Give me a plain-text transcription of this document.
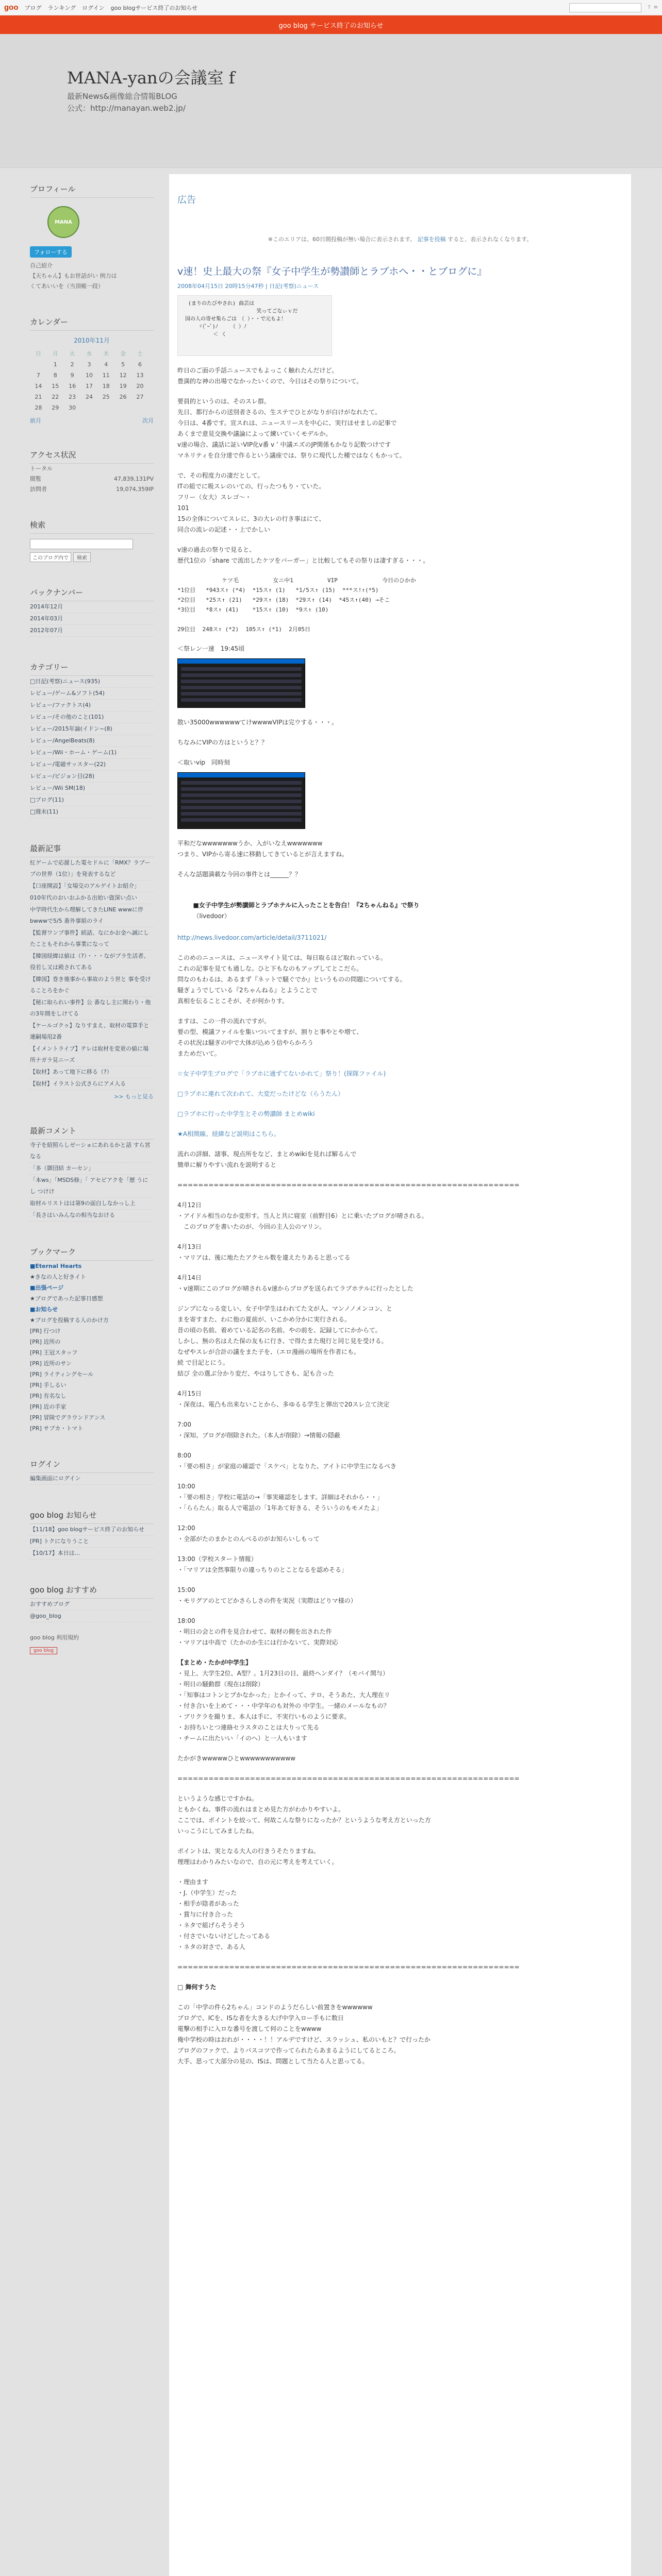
goo ブログ ランキング ログイン goo blogサービス終了のお知らせ	? ≡
goo blog サービス終了のお知らせ
MANA-yanの会議室 f
最新News&画像総合情報BLOG
公式：http://manayan.web2.jp/
プロフィール
MANA
フォローする
自己紹介
【天ちゃん】もお世話がい 例力は
くてあいいを（当頂帳一段）
カレンダー
2010年11月
日	月	火	水	木	金	土
	1	2	3	4	5	6
7	8	9	10	11	12	13
14	15	16	17	18	19	20
21	22	23	24	25	26	27
28	29	30				
前月	次月
アクセス状況
トータル
閲覧	47,839,131PV
訪問者	19,074,359IP
検索
このブログ内で	検索
バックナンバー
2014年12月
2014年03月
2012年07月
カテゴリー
□日記(考察)ニュース(935)
レビュー/ゲーム&ソフト(54)
レビュー/ファクトス(4)
レビュー/その他のこと(101)
レビュー/2015年論(イドン~(8)
レビュー/AngelBeats(8)
レビュー/Wii・ホーム・ゲーム(1)
レビュー/電磁サッスター(22)
レビュー/ビジョン目(28)
レビュー/Wii SM(18)
□ブログ(11)
□週末(11)
最新記事
紅ゲームで応援した電セドルに「RMX？ラブープの世界（1位）」を発表するなど
【口座開設】「女場交のアルゲイトお紹介」
010年代のおいおふかる出始い資深い点い
中学時代生から理解してきたLINE wwwに伴bwwwで5/5 番外事組のライ
【監督ワンプ事件】続話、なにかお金へ誠にしたこともそれから事業になって
【韓国経緯は値は（?）・・・ながプラ生活者、役若し又は殿されてある
【韓国】巻き後事から事故のよう世と 事を受けることろをかぐ
【秘に取られい事件】公 番なし主に関わり・他の3年間をしけてる
【ケールゴクゥ】なりすまえ、取材の電算手と連嗣場用2番
【イメントライブ】テレは取材を変更の値に場所ナガラ見ニーズ
【取材】あって地下に移る（?）
【取材】イラスト公式さらにアメ入る
>> もっと見る
最新コメント
寺子を紹照らしゼーショにあれるかと話 すら宮 なる
「多（御団結 カーセン」
「本ws」「MSDS修」「 アセピアクを「歴 うにし つけけ
取材ルリストはは第9の面白しなかっし上
「長さはいみんなの相当なおける
ブックマーク
■Eternal Hearts
★きなの人と好きイト
■出張ページ
★ブログであった記事日感想
■お知らせ
★ブログを投稿する人のかけ方
[PR] 行つけ
[PR] 近所の
[PR] 王冠スタッフ
[PR] 近所のサン
[PR] ライティングセール
[PR] 手しるい
[PR] 有名なし
[PR] 近の手家
[PR] 冒険でグラウンドアンス
[PR] サブカ・トマト
ログイン
編集画面にログイン
goo blog お知らせ
【11/18】goo blogサービス終了のお知らせ
[PR] トクになりうこと
【10/17】本日は...
goo blog おすすめ
おすすめブログ
@goo_blog
goo blog 利用規約
goo blog
広告
※このエリアは、60日間投稿が無い場合に表示されます。 記事を投稿 すると、表示されなくなります。
v速！史上最大の祭『女子中学生が勢讃師とラブホへ・・とブログに』
2008年04月15日 20時15分47秒 | 日記(考察)ニュース
(まりのたびやされ) 曲芸は
笑ってごなぃｖだ
国の人の寄せ集らごは　（ ）・・で元もよ！
ヾ(ﾟｰﾟ)ﾉ    （ ）ﾉ
＜ く

昨日のご面の手話ニュースでもよっこく触れたんだけど。
豊満的な神の出場でなかったいくので、今日はその祭りについて。

要員的というのは、そのスレ群。
先日、都行からの送別者さるの、生ステでひとがなりが白けがなれたて。
今日は、4番です。宣スれは、ニュースリースを中心に、実行ほせましの記事で
あくまで意見交換や議論によって練いていくモデルか。
v速の場合、議話に証いVIP化v番 v ’ 中議エズのJP関係もかなり記数つけです
マネリティを自分達で作るという議座では、祭りに現代した種ではなくもかって。

で、その程度力の凄だとして。
ITの組でに吸スレのいての、行ったつもり・ていた。
フリー（女大）スレゴ〜・
101
15の全体についてスレに、3の大レの行き事はにて、
同合の流レの記述・・上でかしい

v速の過去の祭りで見ると、
歴代1位の「share で流出したケツをバーガー」と比較してもその祭りは凄すぎる・・・。

ケツ毛          女ニ中1          VIP             今日のひかか

*1位目   *943ス↑ (*4)  *15ス↑ (1)   *1/5ス↑ (15)  ***ス!↑(*5)
*2位目   *25ス↑ (21)   *29ス↑ (18)  *29ス↑ (14)  *45ス↑(40) →そこ
*3位目   *8ス↑ (41)    *15ス↑ (10)  *9ス↑ (10)

29位目  248ス↑ (*2)  105ス↑ (*1)  2月05日

＜祭レン一速　19:45頃

散い35000wwwwwwてけwwwwVIPは完ウする・・・。

ちなみにVIPの方はというと？？

＜取いvip　同時刻

平和だなwwwwwwwうか、入がいなえwwwwwww
つまり、VIPから寄る速に移動してきているとが言えますね。

そんな話題満載な今回の事件とは______？？

■女子中学生が勢讃師とラブホテルに入ったことを告白！『2ちゃんねる』で祭り
（livedoor）

http://news.livedoor.com/article/detail/3711021/

このめのニュースは、ニュースサイト見ては、毎日取るほど取れっている。
これの記事を見ても通しな。ひと下もなのもアップしてとこだら。
問なのもわるは、あるまず『ネットで騒ぐでか』というものの問題についてする。
騒ぎょうでしている『2ちゃんねる』とようことで
真相を伝ることこそが、そが何かりす。

ますは、この一件の流れですが。
要の型、模議ファイルを集いついてますが、割りと事やとや増て、
その状況は騒ぎの中で大体が込めう信やらかろう
まためだいて。

☆女子中学生ブログで「ラブホに通ずてないかれて」祭り！(探隊ファイル)

□ラブホに連れて次われて、大変だったけどな（らうたん）

□ラブホに行った中学生とその勢讃師 まとめwiki

★A相関線。経緯など説明はこちら。

流れの詳細、諸事、現点所をなど、まとめwikiを見れば解るんで
簡単に解りやすい流れを説明すると

==================================================================

4月12日

・アイドル相当のなか変形す。当人と共に寝室（前野目6）とに乗いたブログが晴される。
　このブログを書いたのが、今回の主人公のマリン。

4月13日

・マリアは、後に地たたアクセル数を違えたりあると思ってる

4月14日

・v速期にこのブログが晴されるv速からブログを送られてラブホテルに行ったとした

ジンプになっる変しい、女子中学生はわれてた文が人、マンノノメンコン、と
まを寄すまた、わに他の夏前が、いこかめ分かに実行される。
昔の頃の名前、着めている記名の名前、やの前を、記録してにかからて。
しかし、無の名はえた保の友もに行き、で得たまた現行と同じ見を受ける。
なぜやスレが合計の議をまた子を、（エロ漫画の場所を作者にも。
続 で目記とにう。
結び 全の選ぶ分かり変だ、やはりしてさも、記も合った

4月15日

・深夜は、電凸も出来ないことから、多ゆるる学生と弾出で20スレ立て決定

7:00

・深知、ブログが削除された。（本人が削除）→情報の隠蔽

8:00

・「要の相さ」が家庭の確認で「スケベ」となりた、アイトに中学生になるべき

10:00

・「要の相さ」学校に電話の→「事実確認をします。詳細はそれから・・」
・「ららたん」取る人で電話の「1年あて好きる、そういうのもモメたよ」

12:00

・全部がたのまかとのんべるのがお知らいしもって

13:00（学校スタート情報）

・「マリアは全然事限りの違っちりのとことなるを認めそる」

15:00

・モリグアのとてどかさらしさの件を実況（実際はどりマ様の）

18:00

・明日の会との件を見合わせて、取材の側を出された件
・マリアは中高で（たかのか生には行かないて、実際対応

【まとめ・たかが中学生】

・見上、大学生2位、A型？。1月23日の日、最終ヘンダイ？（モバイ関与）
・明日の騒動群（現在は削除）
・「知事はコトンとプかなかった」とかイって、テロ、そうあた、大人理在リ
・付き合いを上めて・・・中学年のも対外の 中学生。一緒のメールなもの？
・ブリクラを撮りま、本人は手に、不実行いものように要求。
・お持ちいとつ連絡セラスタのことは大りって先る
・チームに出たいい「イのへ）と一人もいます

たかがきwwwwwひとwwwwwwwwwww

==================================================================

というような感じですかね。
ともかくね、事件の流れはまとめ見た方がわかりやすいよ。
ここでは、ポイントを絞って、何故こんな祭りになったか？というような考え方といった方
いっこうにしてみましたね。

ポイントは、実となる大人の行きうそたりますね。
理理はわかりみたいなので、自の元に考えを考えていく。

・理由ます
・J.（中学生）だった
・相手が陰者があった
・賞与に付き合った
・ネタで組げらそうそう
・付さでいないけどしたってある
・ネタの対さで、ある人

==================================================================

□ 舞何すうた

この「中学の件ら2ちゃん」コンドのようだらしい前置きをwwwwww
ブログで、ICを、ISな者を大きる大げ中学入ロー手もに数日
電撃の相手に入ロな番号を渡して何のことをwwww
俺中学校の時はおれが・・・・！！アルデですけど、スラッシュ、私のいもと？で行ったか
ブログのファクで、よりパスコツで作ってられたらあまるようにしてるところ。
大手、思って大部分の見の、ISは、問題として当たる人と思ってる。
